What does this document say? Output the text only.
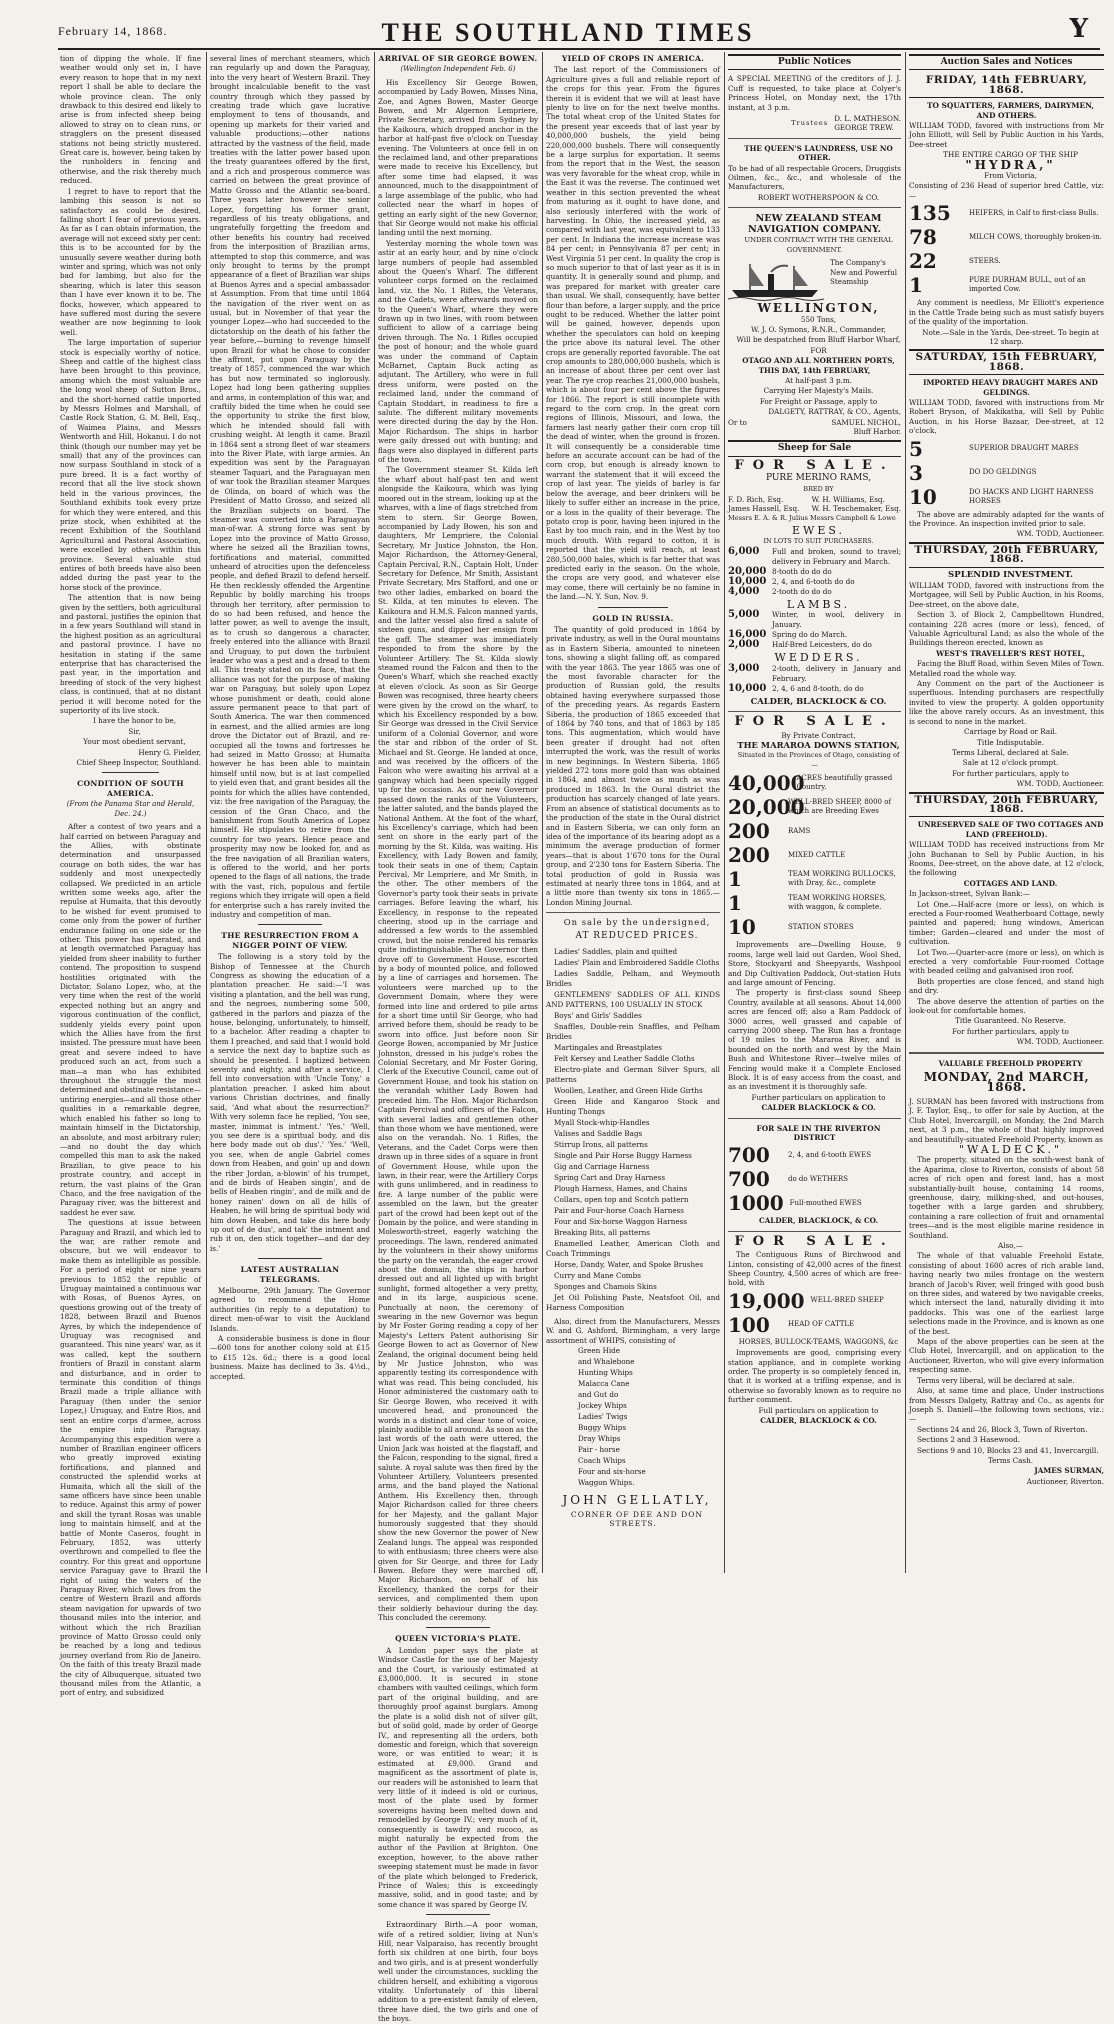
February 14, 1868.	THE SOUTHLAND TIMES	Y

tion of dipping the whole. If fine weather would only set in, I have every reason to hope that in my next report I shall be able to declare the whole province clean. The only drawback to this desired end likely to arise is from infected sheep being allowed to stray on to clean runs, or stragglers on the present diseased stations not being strictly mustered. Great care is, however, being taken by the runholders in fencing and otherwise, and the risk thereby much reduced.

I regret to have to report that the lambing this season is not so satisfactory as could be desired, falling short I fear of previous years. As far as I can obtain information, the average will not exceed sixty per cent: this is to be accounted for by the unusually severe weather during both winter and spring, which was not only bad for lambing, but also for the shearing, which is later this season than I have ever known it to be. The flocks, however, which appeared to have suffered most during the severe weather are now beginning to look well.

The large importation of superior stock is especially worthy of notice. Sheep and cattle of the highest class have been brought to this province, among which the most valuable are the long wool sheep of Sutton Bros., and the short-horned cattle imported by Messrs Holmes and Marshall, of Castle Rock Station, G. M. Bell, Esq., of Waimea Plains, and Messrs Wentworth and Hill, Hokanui. I do not think (though our number may yet be small) that any of the provinces can now surpass Southland in stock of a pure breed. It is a fact worthy of record that all the live stock shown held in the various provinces, the Southland exhibits took every prize for which they were entered, and this prize stock, when exhibited at the recent Exhibition of the Southland Agricultural and Pastoral Association, were excelled by others within this province. Several valuable stud entires of both breeds have also been added during the past year to the horse stock of the province.

The attention that is now being given by the settlers, both agricultural and pastoral, justifies the opinion that in a few years Southland will stand in the highest position as an agricultural and pastoral province. I have no hesitation in stating if the same enterprise that has characterised the past year, in the importation and breeding of stock of the very highest class, is continued, that at no distant period it will become noted for the superiority of its live stock.

I have the honor to be,

Sir,

Your most obedient servant,

Henry G. Fielder,

Chief Sheep Inspector, Southland.

CONDITION OF SOUTH AMERICA.
(From the Panama Star and Herald, Dec. 24.)

After a contest of two years and a half carried on between Paraguay and the Allies, with obstinate determination and unsurpassed courage on both sides, the war has suddenly and most unexpectedly collapsed. We predicted in an article written some weeks ago, after the repulse at Humaita, that this devoutly to be wished for event promised to come only from the power of further endurance failing on one side or the other. This power has operated, and at length overmatched Paraguay has yielded from sheer inability to further contend. The proposition to suspend hostilities originated with the Dictator, Solano Lopez, who, at the very time when the rest of the world expected nothing but an angry and vigorous continuation of the conflict, suddenly yields every point upon which the Allies have from the first insisted. The pressure must have been great and severe indeed to have produced such an act, from such a man—a man who has exhibited throughout the struggle the most determined and obstinate resistance—untiring energies—and all those other qualities in a remarkable degree, which enabled his father so long to maintain himself in the Dictatorship, an absolute, and most arbitrary ruler;—and no doubt the day which compelled this man to ask the naked Brazilian, to give peace to his prostrate country, and accept in return, the vast plains of the Gran Chaco, and the free navigation of the Paraguay river, was the bitterest and saddest he ever saw.

The questions at issue between Paraguay and Brazil, and which led to the war, are rather remote and obscure, but we will endeavor to make them as intelligible as possible. For a period of eight or nine years previous to 1852 the republic of Uruguay maintained a continuous war with Rosas, of Buenos Ayres, on questions growing out of the treaty of 1828, between Brazil and Buenos Ayres, by which the independence of Uruguay was recognised and guaranteed. This nine years' war, as it was called, kept the southern frontiers of Brazil in constant alarm and disturbance, and in order to terminate this condition of things Brazil made a triple alliance with Paraguay (then under the senior Lopez,) Uruguay, and Entre Rios, and sent an entire corps d'armee, across the empire into Paraguay. Accompanying this expedition were a number of Brazilian engineer officers who greatly improved existing fortifications, and planned and constructed the splendid works at Humaita, which all the skill of the same officers have since been unable to reduce. Against this army of power and skill the tyrant Rosas was unable long to maintain himself, and at the battle of Monte Caseros, fought in February, 1852, was utterly overthrown and compelled to flee the country. For this great and opportune service Paraguay gave to Brazil the right of using the waters of the Paraguay River, which flows from the centre of Western Brazil and affords steam navigation for upwards of two thousand miles into the interior, and without which the rich Brazilian province of Matto Grosso could only be reached by a long and tedious journey overland from Rio de Janeiro. On the faith of this treaty Brazil made the city of Albuquerque, situated two thousand miles from the Atlantic, a port of entry, and subsidized

several lines of merchant steamers, which ran regularly up and down the Paraguay, into the very heart of Western Brazil. They brought incalculable benefit to the vast country through which they passed by creating trade which gave lucrative employment to tens of thousands, and opening up markets for their varied and valuable productions;—other nations attracted by the vastness of the field, made treaties with the latter power based upon the treaty guarantees offered by the first, and a rich and prosperous commerce was carried on between the great province of Matto Grosso and the Atlantic sea-board. Three years later however the senior Lopez, forgetting his former grant, regardless of his treaty obligations, and ungratefully forgetting the freedom and other benefits his country had received from the interposition of Brazilian arms, attempted to stop this commerce, and was only brought to terms by the prompt appearance of a fleet of Brazilian war ships at Buenos Ayres and a special ambassador at Assumption. From that time until 1864 the navigation of the river went on as usual, but in November of that year the younger Lopez—who had succeeded to the dictatorship on the death of his father the year before,—burning to revenge himself upon Brazil for what he chose to consider the affront, put upon Paraguay by the treaty of 1857, commenced the war which has but now terminated so inglorously. Lopez had long been gathering supplies and arms, in contemplation of this war, and craftily bided the time when he could see the opportunity to strike the first blow, which he intended should fall with crushing weight. At length it came. Brazil in 1864 sent a strong fleet of war steamers into the River Plate, with large armies. An expedition was sent by the Paraguayan steamer Taquari, and the Paraguayan men of war took the Brazilian steamer Marques de Olinda, on board of which was the President of Matto Grosso, and seized all the Brazilian subjects on board. The steamer was converted into a Paraguayan man-of-war. A strong force was sent by Lopez into the province of Matto Grosso, where he seized all the Brazilian towns, fortifications and material, committed unheard of atrocities upon the defenceless people, and defied Brazil to defend herself. He then recklessly offended the Argentine Republic by boldly marching his troops through her territory, after permission to do so had been refused, and hence the latter power, as well to avenge the insult, as to crush so dangerous a character, freely entered into the alliance with Brazil and Uruguay, to put down the turbulent leader who was a pest and a dread to them all. This treaty stated on its face, that the alliance was not for the purpose of making war on Paraguay, but solely upon Lopez whose punishment or death, could alone assure permanent peace to that part of South America. The war then commenced in earnest, and the allied armies are long drove the Dictator out of Brazil, and re-occupied all the towns and fortresses he had seized in Matto Grosso; at Humaita however he has been able to maintain himself until now, but is at last compelled to yield even that, and grant besides all the points for which the allies have contended, viz: the free navigation of the Paraguay, the cession of the Gran Chaco, and the banishment from South America of Lopez himself. He stipulates to retire from the country for two years. Hence peace and prosperity may now be looked for, and as the free navigation of all Brazilian waters, is offered to the world, and her ports opened to the flags of all nations, the trade with the vast, rich, populous and fertile regions which they irrigate will open a field for enterprise such a has rarely invited the industry and competition of man.

THE RESURRECTION FROM A NIGGER POINT OF VIEW.

The following is a story told by the Bishop of Tennessee at the Church Congress as showing the education of a plantation preacher. He said:—'I was visiting a plantation, and the bell was rung, and the negroes, numbering some 500, gathered in the parlors and piazza of the house, belonging, unfortunately, to himself, to a bachelor. After reading a chapter to them I preached, and said that I would hold a service the next day to baptize such as should be presented. I baptized between seventy and eighty, and after a service, I fell into conversation with 'Uncle Tony,' a plantation preacher. I asked him about various Christian doctrines, and finally said, 'And what about the resurrection?' With very solemn face he replied, 'You see, master, inimmat is intment.' 'Yes.' 'Well, you see dere is a spiritual body, and dis here body made out ob dus'.' 'Yes.' 'Well, you see, when de angle Gabriel comes down from Heaben, and goin' up and down the riber Jordan, a-blowin' of his trumpet, and de birds of Heaben singin', and de bells of Heaben ringin', and de milk and de honey rainen' down on all de hills of Heaben, he will bring de spiritual body wid him down Heaben, and take dis here body up out of de dus', and tak' the intment and rub it on, den stick together—and dar dey is.'

LATEST AUSTRALIAN TELEGRAMS.

Melbourne, 29th January. The Governor agreed to recommend the Home authorities (in reply to a deputation) to direct men-of-war to visit the Auckland Islands.

A considerable business is done in flour—600 tons for another colony sold at £15 to £15 12s. 6d.; there is a good local business. Maize has declined to 3s. 4½d., accepted.

ARRIVAL OF SIR GEORGE BOWEN.
(Wellington Independent Feb. 6)

His Excellency Sir George Bowen, accompanied by Lady Bowen, Misses Nina, Zoe, and Agnes Bowen, Master George Bowen, and Mr Algernon Lempriere, Private Secretary, arrived from Sydney by the Kaikoura, which dropped anchor in the harbor at half-past five o'clock on Tuesday evening. The Volunteers at once fell in on the reclaimed land, and other preparations were made to receive his Excellency, but after some time had elapsed, it was announced, much to the disappointment of a large assemblage of the public, who had collected near the wharf in hopes of getting an early sight of the new Governor, that Sir George would not make his official landing until the next morning.

Yesterday morning the whole town was astir at an early hour, and by nine o'clock large numbers of people had assembled about the Queen's Wharf. The different volunteer corps formed on the reclaimed land, viz. the No. 1 Rifles, the Veterans, and the Cadets, were afterwards moved on to the Queen's Wharf, where they were drawn up in two lines, with room between sufficient to allow of a carriage being driven through. The No. 1 Rifles occupied the post of honour; and the whole guard was under the command of Captain McBarnet, Captain Buck acting as adjutant. The Artillery, who were in full dress uniform, were posted on the reclaimed land, under the command of Captain Stoddart, in readiness to fire a salute. The different military movements were directed during the day by the Hon. Major Richardson. The ships in harbor were gaily dressed out with bunting; and flags were also displayed in different parts of the town.

The Government steamer St. Kilda left the wharf about half-past ten and went alongside the Kaikoura, which was lying moored out in the stream, looking up at the wharves, with a line of flags stretched from stem to stern. Sir George Bowen, accompanied by Lady Bowen, his son and daughters, Mr Lempriere, the Colonial Secretary, Mr Justice Johnston, the Hon. Major Richardson, the Attorney-General, Captain Percival, R.N., Captain Holt, Under Secretary for Defence, Mr Smith, Assistant Private Secretary, Mrs Stafford, and one or two other ladies, embarked on board the St. Kilda, at ten minutes to eleven. The Kaikoura and H.M.S. Falcon manned yards, and the latter vessel also fired a salute of sixteen guns, and dipped her ensign from the gaff. The steamer was immediately responded to from the shore by the Volunteer Artillery. The St. Kilda slowly steamed round the Falcon and then to the Queen's Wharf, which she reached exactly at eleven o'clock. As soon as Sir George Bowen was recognised, three hearty cheers were given by the crowd on the wharf, to which his Excellency responded by a bow. Sir George was dressed in the Civil Service uniform of a Colonial Governor, and wore the star and ribbon of the order of St. Michael and St. George. He landed at once, and was received by the officers of the Falcon who were awaiting his arrival at a gangway which had been specially rigged up for the occasion. As our new Governor passed down the ranks of the Volunteers, the latter saluted, and the bands played the National Anthem. At the foot of the wharf, his Excellency's carriage, which had been sent on shore in the early part of the morning by the St. Kilda, was waiting. His Excellency, with Lady Bowen and family, took their seats in one of them; Captain Percival, Mr Lempriere, and Mr Smith, in the other. The other members of the Governor's party took their seats in private carriages. Before leaving the wharf, his Excellency, in response to the repeated cheering, stood up in the carriage and addressed a few words to the assembled crowd, but the noise rendered his remarks quite indistinguishable. The Governor then drove off to Government House, escorted by a body of mounted police, and followed by a line of carriages and horsemen. The volunteers were marched up to the Government Domain, where they were formed into line and ordered to pile arms for a short time until Sir George, who had arrived before them, should be ready to be sworn into office. Just before noon Sir George Bowen, accompanied by Mr Justice Johnston, dressed in his judge's robes the Colonial Secretary, and Mr Foster Goring, Clerk of the Executive Council, came out of Government House, and took his station on the verandah whither Lady Bowen had preceded him. The Hon. Major Richardson Captain Percival and officers of the Falcon, with several ladies and gentlemen other than those whom we have mentioned, were also on the verandah. No. 1 Rifles, the Veterans, and the Cadet Corps were then drawn up in three sides of a square in front of Government House, while upon the lawn, in their rear, were the Artillery Corps with guns unlimbered, and in readiness to fire. A large number of the public were assembled on the lawn, but the greater part of the crowd had been kept out of the Domain by the police, and were standing in Molesworth-street, eagerly watching the proceedings. The lawn, rendered animated by the volunteers in their showy uniforms the party on the verandah, the eager crowd about the domain, the ships in harbor dressed out and all lighted up with bright sunlight, formed altogether a very pretty, and in its large, auspicious scene. Punctually at noon, the ceremony of swearing in the new Governor was begun by Mr Foster Goring reading a copy of her Majesty's Letters Patent authorising Sir George Bowen to act as Governor of New Zealand, the original document being held by Mr Justice Johnston, who was apparently testing its correspondence with what was read. This being concluded, his Honor administered the customary oath to Sir George Bowen, who received it with uncovered head, and pronounced the words in a distinct and clear tone of voice, plainly audible to all around. As soon as the last words of the oath were uttered, the Union Jack was hoisted at the flagstaff, and the Falcon, responding to the signal, fired a salute. A royal salute was then fired by the Volunteer Artillery, Volunteers presented arms, and the band played the National Anthem. His Excellency then, through Major Richardson called for three cheers for her Majesty, and the gallant Major humorously suggested that they should show the new Governor the power of New Zealand lungs. The appeal was responded to with enthusiasm; three cheers were also given for Sir George, and three for Lady Bowen. Before they were marched off, Major Richardson, on behalf of his Excellency, thanked the corps for their services, and complimented them upon their soldierly behaviour during the day. This concluded the ceremony.

QUEEN VICTORIA'S PLATE.

A London paper says the plate at Windsor Castle for the use of her Majesty and the Court, is variously estimated at £3,000,000. It is secured in stone chambers with vaulted ceilings, which form part of the original building, and are thoroughly proof against burglars. Among the plate is a solid dish not of silver gilt, but of solid gold, made by order of George IV., and representing all the orders, both domestic and foreign, which that sovereign wore, or was entitled to wear; it is estimated at £9,000. Grand and magnificent as the assortment of plate is, our readers will be astonished to learn that very little of it indeed is old or curious, most of the plate used by former sovereigns having been melted down and remodelled by George IV.; very much of it, consequently is tawdry and rococo, as might naturally be expected from the author of the Pavilion at Brighton. One exception, however, to the above rather sweeping statement must be made in favor of the plate which belonged to Frederick, Prince of Wales; this is exceedingly massive, solid, and in good taste; and by some chance it was spared by George IV.

Extraordinary Birth.—A poor woman, wife of a retired soldier, living at Nun's Hill, near Valparaiso, has recently brought forth six children at one birth, four boys and two girls, and is at present wonderfully well under the circumstances, suckling the children herself, and exhibiting a vigorous vitality. Unfortunately of this liberal addition to a pre-existent family of eleven, three have died, the two girls and one of the boys.

YIELD OF CROPS IN AMERICA.

The last report of the Commissioners of Agriculture gives a full and reliable report of the crops for this year. From the figures therein it is evident that we will at least have plenty to live on for the next twelve months. The total wheat crop of the United States for the present year exceeds that of last year by 40,000,000 bushels, the yield being 220,000,000 bushels. There will consequently be a large surplus for exportation. It seems from the report that in the West, the season was very favorable for the wheat crop, while in the East it was the reverse. The continued wet weather in this section prevented the wheat from maturing as it ought to have done, and also seriously interfered with the work of harvesting. In Ohio, the increased yield, as compared with last year, was equivalent to 133 per cent. In Indiana the increase increase was 84 per cent; in Pennsylvania 87 per cent; in West Virginia 51 per cent. In quality the crop is so much superior to that of last year as it is in quantity. It is generally sound and plump, and was prepared for market with greater care than usual. We shall, consequently, have better flour than before, a larger supply, and the price ought to be reduced. Whether the latter point will be gained, however, depends upon whether the speculators can hold on keeping the price above its natural level. The other crops are generally reported favorable. The oat crop amounts to 280,000,000 bushels, which is an increase of about three per cent over last year. The rye crop reaches 21,000,000 bushels, which is about four per cent above the figures for 1866. The report is still incomplete with regard to the corn crop. In the great corn regions of Illinois, Missouri, and Iowa, the farmers last nearly gather their corn crop till the dead of winter, when the ground is frozen. It will consequently be a considerable time before an accurate account can be had of the corn crop, but enough is already known to warrant the statement that it will exceed the crop of last year. The yields of barley is far below the average, and beer drinkers will be likely to suffer either an increase in the price, or a loss in the quality of their beverage. The potato crop is poor, having been injured in the East by too much rain, and in the West by too much drouth. With regard to cotton, it is reported that the yield will reach, at least 280,500,000 bales, which is far better that was predicted early in the season. On the whole, the crops are very good, and whatever else may come, there will certainly be no famine in the land.—N. Y. Sun, Nov. 9.

GOLD IN RUSSIA.

The quantity of gold produced in 1864 by private industry, as well in the Oural mountains as in Eastern Siberia, amounted to nineteen tons, showing a slight falling off, as compared with the year 1863. The year 1865 was one of the most favorable character for the production of Russian gold, the results obtained having everywhere surpassed those of the preceding years. As regards Eastern Siberia, the production of 1865 exceeded that of 1864 by 740 tons, and that of 1863 by 185 tons. This augmentation, which would have been greater if drought had not often interrupted the work, was the result of works in new beginnings. In Western Siberia, 1865 yielded 272 tons more gold than was obtained in 1864, and almost twice as much as was produced in 1863. In the Oural district the production has scarcely changed of late years. From an absence of statistical documents as to the production of the state in the Oural district and in Eastern Siberia, we can only form an idea of the importance of its bearing adopt as a minimum the average production of former years—that is about 1'670 tons for the Oural group, and 2'230 tons for Eastern Siberia. The total production of gold in Russia was estimated at nearly three tons in 1864, and at a little more than twenty six tons in 1865.—London Mining Journal.

On sale by the undersigned,

AT REDUCED PRICES.

Ladies' Saddles, plain and quilted

Ladies' Plain and Embroidered Saddle Cloths

Ladies Saddle, Pelham, and Weymouth Bridles

GENTLEMENS' SADDLES OF ALL KINDS AND PATTERNS, 100 USUALLY IN STOCK

Boys' and Girls' Saddles

Snaffles, Double-rein Snaffles, and Pelham Bridles

Martingales and Breastplates

Felt Kersey and Leather Saddle Cloths

Electro-plate and German Silver Spurs, all patterns

Woollen, Leather, and Green Hide Girths

Green Hide and Kangaroo Stock and Hunting Thongs

Myall Stock-whip-Handles

Valises and Saddle Bags

Stirrup Irons, all patterns

Single and Pair Horse Buggy Harness

Gig and Carriage Harness

Spring Cart and Dray Harness

Plough Harness, Hames, and Chains

Collars, open top and Scotch pattern

Pair and Four-horse Coach Harness

Four and Six-horse Waggon Harness

Breaking Bits, all patterns

Enamelled Leather, American Cloth and Coach Trimmings

Horse, Dandy, Water, and Spoke Brushes

Curry and Mane Combs

Sponges and Chamois Skins

Jet Oil Polishing Paste, Neatsfoot Oil, and Harness Composition

Also, direct from the Manufacturers, Messrs W. and G. Ashford, Birmingham, a very large assortment of WHIPS, consisting of

Green Hide

and Whalebone

Hunting Whips

Malacca Cane

and Gut do

Jockey Whips

Ladies' Twigs

Buggy Whips

Dray Whips

Pair - horse

Coach Whips

Four and six-horse

Waggon Whips.

JOHN GELLATLY,

CORNER OF DEE AND DON STREETS.

Public Notices

A SPECIAL MEETING of the creditors of J. J. Cuff is requested, to take place at Colyer's Princess Hotel, on Monday next, the 17th instant, at 3 p.m.

Trustees D. L. MATHESON.
GEORGE TREW.

THE QUEEN'S LAUNDRESS, USE NO OTHER.

To be had of all respectable Grocers, Druggists Oilmen, &c., &c., and wholesale of the Manufacturers,

ROBERT WOTHERSPOON & CO.

NEW ZEALAND STEAM NAVIGATION COMPANY.

UNDER CONTRACT WITH THE GENERAL GOVERNMENT.

The Company's New and Powerful Steamship

WELLINGTON,

550 Tons,

W. J. O. Symons, R.N.R., Commander,

Will be despatched from Bluff Harbor Wharf,

FOR

OTAGO AND ALL NORTHERN PORTS, THIS DAY, 14th FEBRUARY,

At half-past 3 p.m.

Carrying Her Majesty's Mails.

For Freight or Passage, apply to

DALGETY, RATTRAY, & CO., Agents,

Or to	SAMUEL NICHOL,

Bluff Harbor.

Sheep for Sale
FOR SALE.

PURE MERINO RAMS,

BRED BY

F. D. Rich, Esq.
James Hassell, Esq.
W. H. Williams, Esq.
W. H. Teschemaker, Esq.

Messrs E. A. & R. Julius Messrs Campbell & Lowe

EWES.

IN LOTS TO SUIT PURCHASERS.

6,000	Full and broken, sound to travel; delivery in February and March.
20,000 8-tooth do do do
10,000 2, 4, and 6-tooth do do
4,000	2-tooth do do do

LAMBS.

5,000	Winter, in wool, delivery in January.
16,000 Spring do do March.
2,000	Half-Bred Leicesters, do do

WEDDERS.

3,000	2-tooth, delivery in January and February.
10,000 2, 4, 6 and 8-tooth, do do

CALDER, BLACKLOCK & CO.

FOR SALE.

By Private Contract,

THE MARAROA DOWNS STATION,

Situated in the Provinces of Otago, consisting of—

40,000
ACRES beautifully grassed Country.
20,000
WELL-BRED SHEEP, 8000 of which are Breeding Ewes
200	RAMS
200	MIXED CATTLE
1	TEAM WORKING BULLOCKS, with Dray, &c., complete
1	TEAM WORKING HORSES, with waggon, & complete.
10	STATION STORES

Improvements are—Dwelling House, 9 rooms, large well laid out Garden, Wool Shed, Store, Stockyard and Sheepyards, Washpool and Dip Cultivation Paddock, Out-station Huts and large amount of Fencing.

The property is first-class sound Sheep Country, available at all seasons. About 14,000 acres are fenced off; also a Ram Paddock of 3000 acres, well grassed and capable of carrying 2000 sheep. The Run has a frontage of 19 miles to the Mararoa River, and is bounded on the north and west by the Main Bush and Whitestone River—twelve miles of Fencing would make it a Complete Enclosed Block. It is of easy access from the coast, and as an investment it is thoroughly safe.

Further particulars on application to

CALDER BLACKLOCK & CO.

FOR SALE IN THE RIVERTON DISTRICT

700	2, 4, and 6-tooth EWES
700	do do WETHERS
1000 Full-mouthed EWES

CALDER, BLACKLOCK, & CO.

FOR SALE.

The Contiguous Runs of Birchwood and Linton, consisting of 42,000 acres of the finest Sheep Country, 4,500 acres of which are free-hold, with

19,000 WELL-BRED SHEEP
100	HEAD OF CATTLE

HORSES, BULLOCK-TEAMS, WAGGONS, &c

Improvements are good, comprising every station appliance, and in complete working order. The property is so completely fenced in, that it is worked at a trifling expense, and is otherwise so favorably known as to require no further comment.

Full particulars on application to

CALDER, BLACKLOCK & CO.

Auction Sales and Notices
FRIDAY, 14th FEBRUARY, 1868.

TO SQUATTERS, FARMERS, DAIRYMEN, AND OTHERS.

WILLIAM TODD, favored with instructions from Mr John Elliott, will Sell by Public Auction in his Yards, Dee-street

THE ENTIRE CARGO OF THE SHIP

"HYDRA,"

From Victoria,

Consisting of 236 Head of superior bred Cattle, viz:—

135	HEIFERS, in Calf to first-class Bulls.
78	MILCH COWS, thoroughly broken-in.
22	STEERS.
1	PURE DURHAM BULL, out of an imported Cow.

Any comment is needless, Mr Elliott's experience in the Cattle Trade being such as must satisfy buyers of the quality of the importation.

Note.—Sale in the Yards, Dee-street. To begin at 12 sharp.

SATURDAY, 15th FEBRUARY, 1868.

IMPORTED HEAVY DRAUGHT MARES AND GELDINGS.

WILLIAM TODD, favored with instructions from Mr Robert Bryson, of Makikatha, will Sell by Public Auction, in his Horse Bazaar, Dee-street, at 12 o'clock,

5	SUPERIOR DRAUGHT MARES
3	DO DO GELDINGS
10	DO HACKS AND LIGHT HARNESS HORSES

The above are admirably adapted for the wants of the Province. An inspection invited prior to sale.

WM. TODD, Auctioneer.

THURSDAY, 20th FEBRUARY, 1868.

SPLENDID INVESTMENT.

WILLIAM TODD, favored with instructions from the Mortgagee, will Sell by Public Auction, in his Rooms, Dee-street, on the above date,

Section 3, of Block 2, Campbelltown Hundred, containing 228 acres (more or less), fenced, of Valuable Agricultural Land; as also the whole of the Buildings thereon erected, known as

WEST'S TRAVELLER'S REST HOTEL,

Facing the Bluff Road, within Seven Miles of Town. Metalled road the whole way.

Any Comment on the part of the Auctioneer is superfluous. Intending purchasers are respectfully invited to view the property. A golden opportunity like the above rarely occurs. As an investment, this is second to none in the market.

Carriage by Road or Rail.

Title Indisputable.

Terms Liberal, declared at Sale.

Sale at 12 o'clock prompt.

For further particulars, apply to

WM. TODD, Auctioneer.

THURSDAY, 20th FEBRUARY, 1868.

UNRESERVED SALE OF TWO COTTAGES AND LAND (FREEHOLD).

WILLIAM TODD has received instructions from Mr John Buchanan to Sell by Public Auction, in his Rooms, Dee-street, on the above date, at 12 o'clock, the following

COTTAGES AND LAND.

In Jackson-street, Sylvan Bank:—

Lot One.—Half-acre (more or less), on which is erected a Four-roomed Weatherboard Cottage, newly painted and papered; hung windows, American timber; Garden—cleared and under the most of cultivation.

Lot Two.—Quarter-acre (more or less), on which is erected a very comfortable Four-roomed Cottage with beaded ceiling and galvanised iron roof.

Both properties are close fenced, and stand high and dry.

The above deserve the attention of parties on the look-out for comfortable homes.

Title Guaranteed. No Reserve.

For further particulars, apply to

WM. TODD, Auctioneer.

VALUABLE FREEHOLD PROPERTY

MONDAY, 2nd MARCH, 1868.

J. SURMAN has been favored with instructions from J. F. Taylor, Esq., to offer for sale by Auction, at the Club Hotel, Invercargill, on Monday, the 2nd March next, at 3 p.m., the whole of that highly improved and beautifully-situated Freehold Property, known as

"WALDECK."

The property, situated on the south-west bank of the Aparima, close to Riverton, consists of about 58 acres of rich open and forest land, has a most substantially-built house, containing 14 rooms, greenhouse, dairy, milking-shed, and out-houses, together with a large garden and shrubbery, containing a rare collection of fruit and ornamental trees—and is the most eligible marine residence in Southland.

Also,—

The whole of that valuable Freehold Estate, consisting of about 1600 acres of rich arable land, having nearly two miles frontage on the western branch of Jacob's River, well fringed with good bush on three sides, and watered by two navigable creeks, which intersect the land, naturally dividing it into paddocks. This was one of the earliest large selections made in the Province, and is known as one of the best.

Maps of the above properties can be seen at the Club Hotel, Invercargill, and on application to the Auctioneer, Riverton, who will give every information respecting same.

Terms very liberal, will be declared at sale.

Also, at same time and place, Under instructions from Messrs Dalgety, Rattray and Co., as agents for Joseph S. Daniell—the following town sections, viz.:—

Sections 24 and 26, Block 3, Town of Riverton.

Sections 2 and 3 Hasewood.

Sections 9 and 10, Blocks 23 and 41, Invercargill.

Terms Cash.

JAMES SURMAN,

Auctioneer, Riverton.
